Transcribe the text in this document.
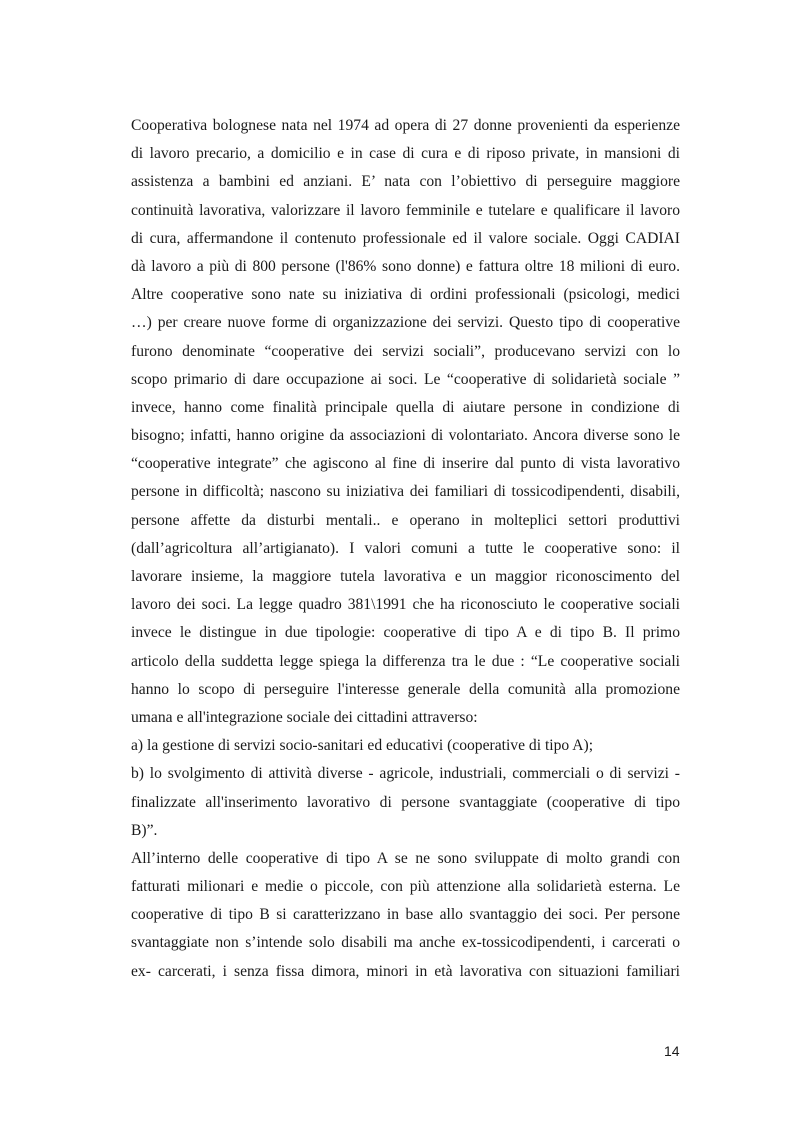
Cooperativa bolognese nata nel 1974 ad opera di 27 donne provenienti da esperienze
di lavoro precario, a domicilio e in case di cura e di riposo private, in mansioni di
assistenza a bambini ed anziani. E’ nata con l’obiettivo di perseguire maggiore
continuità lavorativa, valorizzare il lavoro femminile e tutelare e qualificare il lavoro
di cura, affermandone il contenuto professionale ed il valore sociale. Oggi CADIAI
dà lavoro a più di 800 persone (l'86% sono donne) e fattura oltre 18 milioni di euro.
Altre cooperative sono nate su iniziativa di ordini professionali (psicologi, medici
…) per creare nuove forme di organizzazione dei servizi. Questo tipo di cooperative
furono denominate “cooperative dei servizi sociali”, producevano servizi con lo
scopo primario di dare occupazione ai soci. Le “cooperative di solidarietà sociale ”
invece, hanno come finalità principale quella di aiutare persone in condizione di
bisogno; infatti, hanno origine da associazioni di volontariato. Ancora diverse sono le
“cooperative integrate” che agiscono al fine di inserire dal punto di vista lavorativo
persone in difficoltà; nascono su iniziativa dei familiari di tossicodipendenti, disabili,
persone affette da disturbi mentali.. e operano in molteplici settori produttivi
(dall’agricoltura all’artigianato). I valori comuni a tutte le cooperative sono: il
lavorare insieme, la maggiore tutela lavorativa e un maggior riconoscimento del
lavoro dei soci. La legge quadro 381\1991 che ha riconosciuto le cooperative sociali
invece le distingue in due tipologie: cooperative di tipo A e di tipo B. Il primo
articolo della suddetta legge spiega la differenza tra le due : “Le cooperative sociali
hanno lo scopo di perseguire l'interesse generale della comunità alla promozione
umana e all'integrazione sociale dei cittadini attraverso:
a) la gestione di servizi socio-sanitari ed educativi (cooperative di tipo A);
b) lo svolgimento di attività diverse - agricole, industriali, commerciali o di servizi -
finalizzate all'inserimento lavorativo di persone svantaggiate (cooperative di tipo
B)”.
All’interno delle cooperative di tipo A se ne sono sviluppate di molto grandi con
fatturati milionari e medie o piccole, con più attenzione alla solidarietà esterna. Le
cooperative di tipo B si caratterizzano in base allo svantaggio dei soci. Per persone
svantaggiate non s’intende solo disabili ma anche ex-tossicodipendenti, i carcerati o
ex- carcerati, i senza fissa dimora, minori in età lavorativa con situazioni familiari
14
